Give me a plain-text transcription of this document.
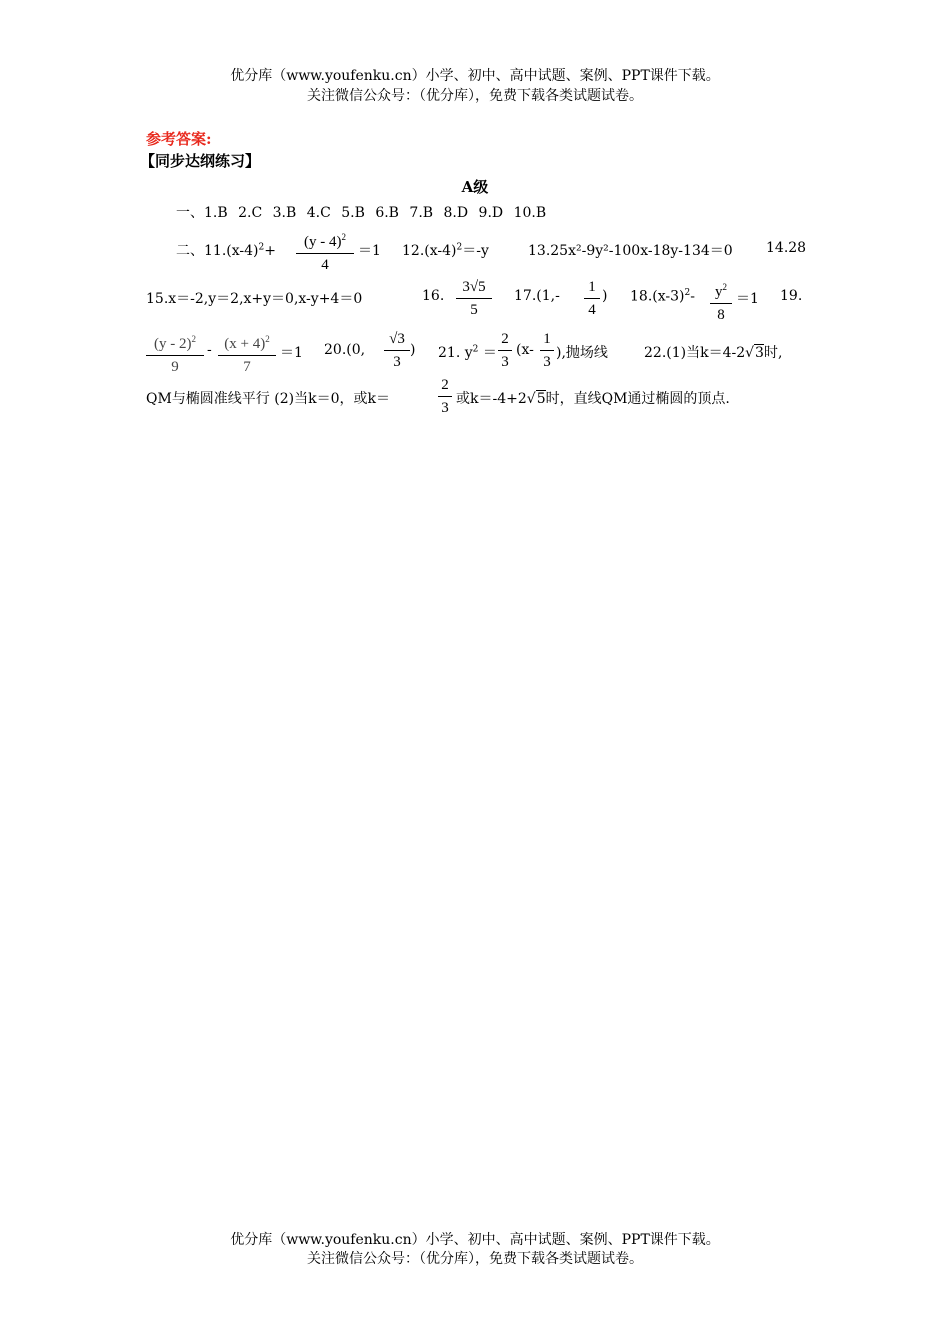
优分库（www.youfenku.cn）小学、初中、高中试题、案例、PPT课件下载。
关注微信公众号：（优分库），免费下载各类试题试卷。
参考答案:
【同步达纲练习】
A级
一、1.B 2.C 3.B 4.C 5.B 6.B 7.B 8.D 9.D 10.B
二、$11.(x-4)^2+$
(y - 4)$^2$
4
＝1 $12.(x-4)^2=-y$	13.25x²-9y²-100x-18y-134＝0 14.28
15.x＝-2,y＝2,x+y＝0,x-y+4＝0	16.
3√5
5
17.(1,-
1
4
) $18.(x-3)^2-$	$y^2$
8
＝1 19.
(y - 2)$^2$
9
- $(x + 4)^2$
7
＝1 20.(0,
√3
3
) 21. $y^2$ ＝
2
3
(x-
1
3
),抛场线	22.(1)当k＝4-2√3时,
QM与椭圆准线平行 (2)当k＝0，或k＝
2
3
或k＝-4+2√5时，直线QM通过椭圆的顶点.
优分库（www.youfenku.cn）小学、初中、高中试题、案例、PPT课件下载。
关注微信公众号：（优分库），免费下载各类试题试卷。
